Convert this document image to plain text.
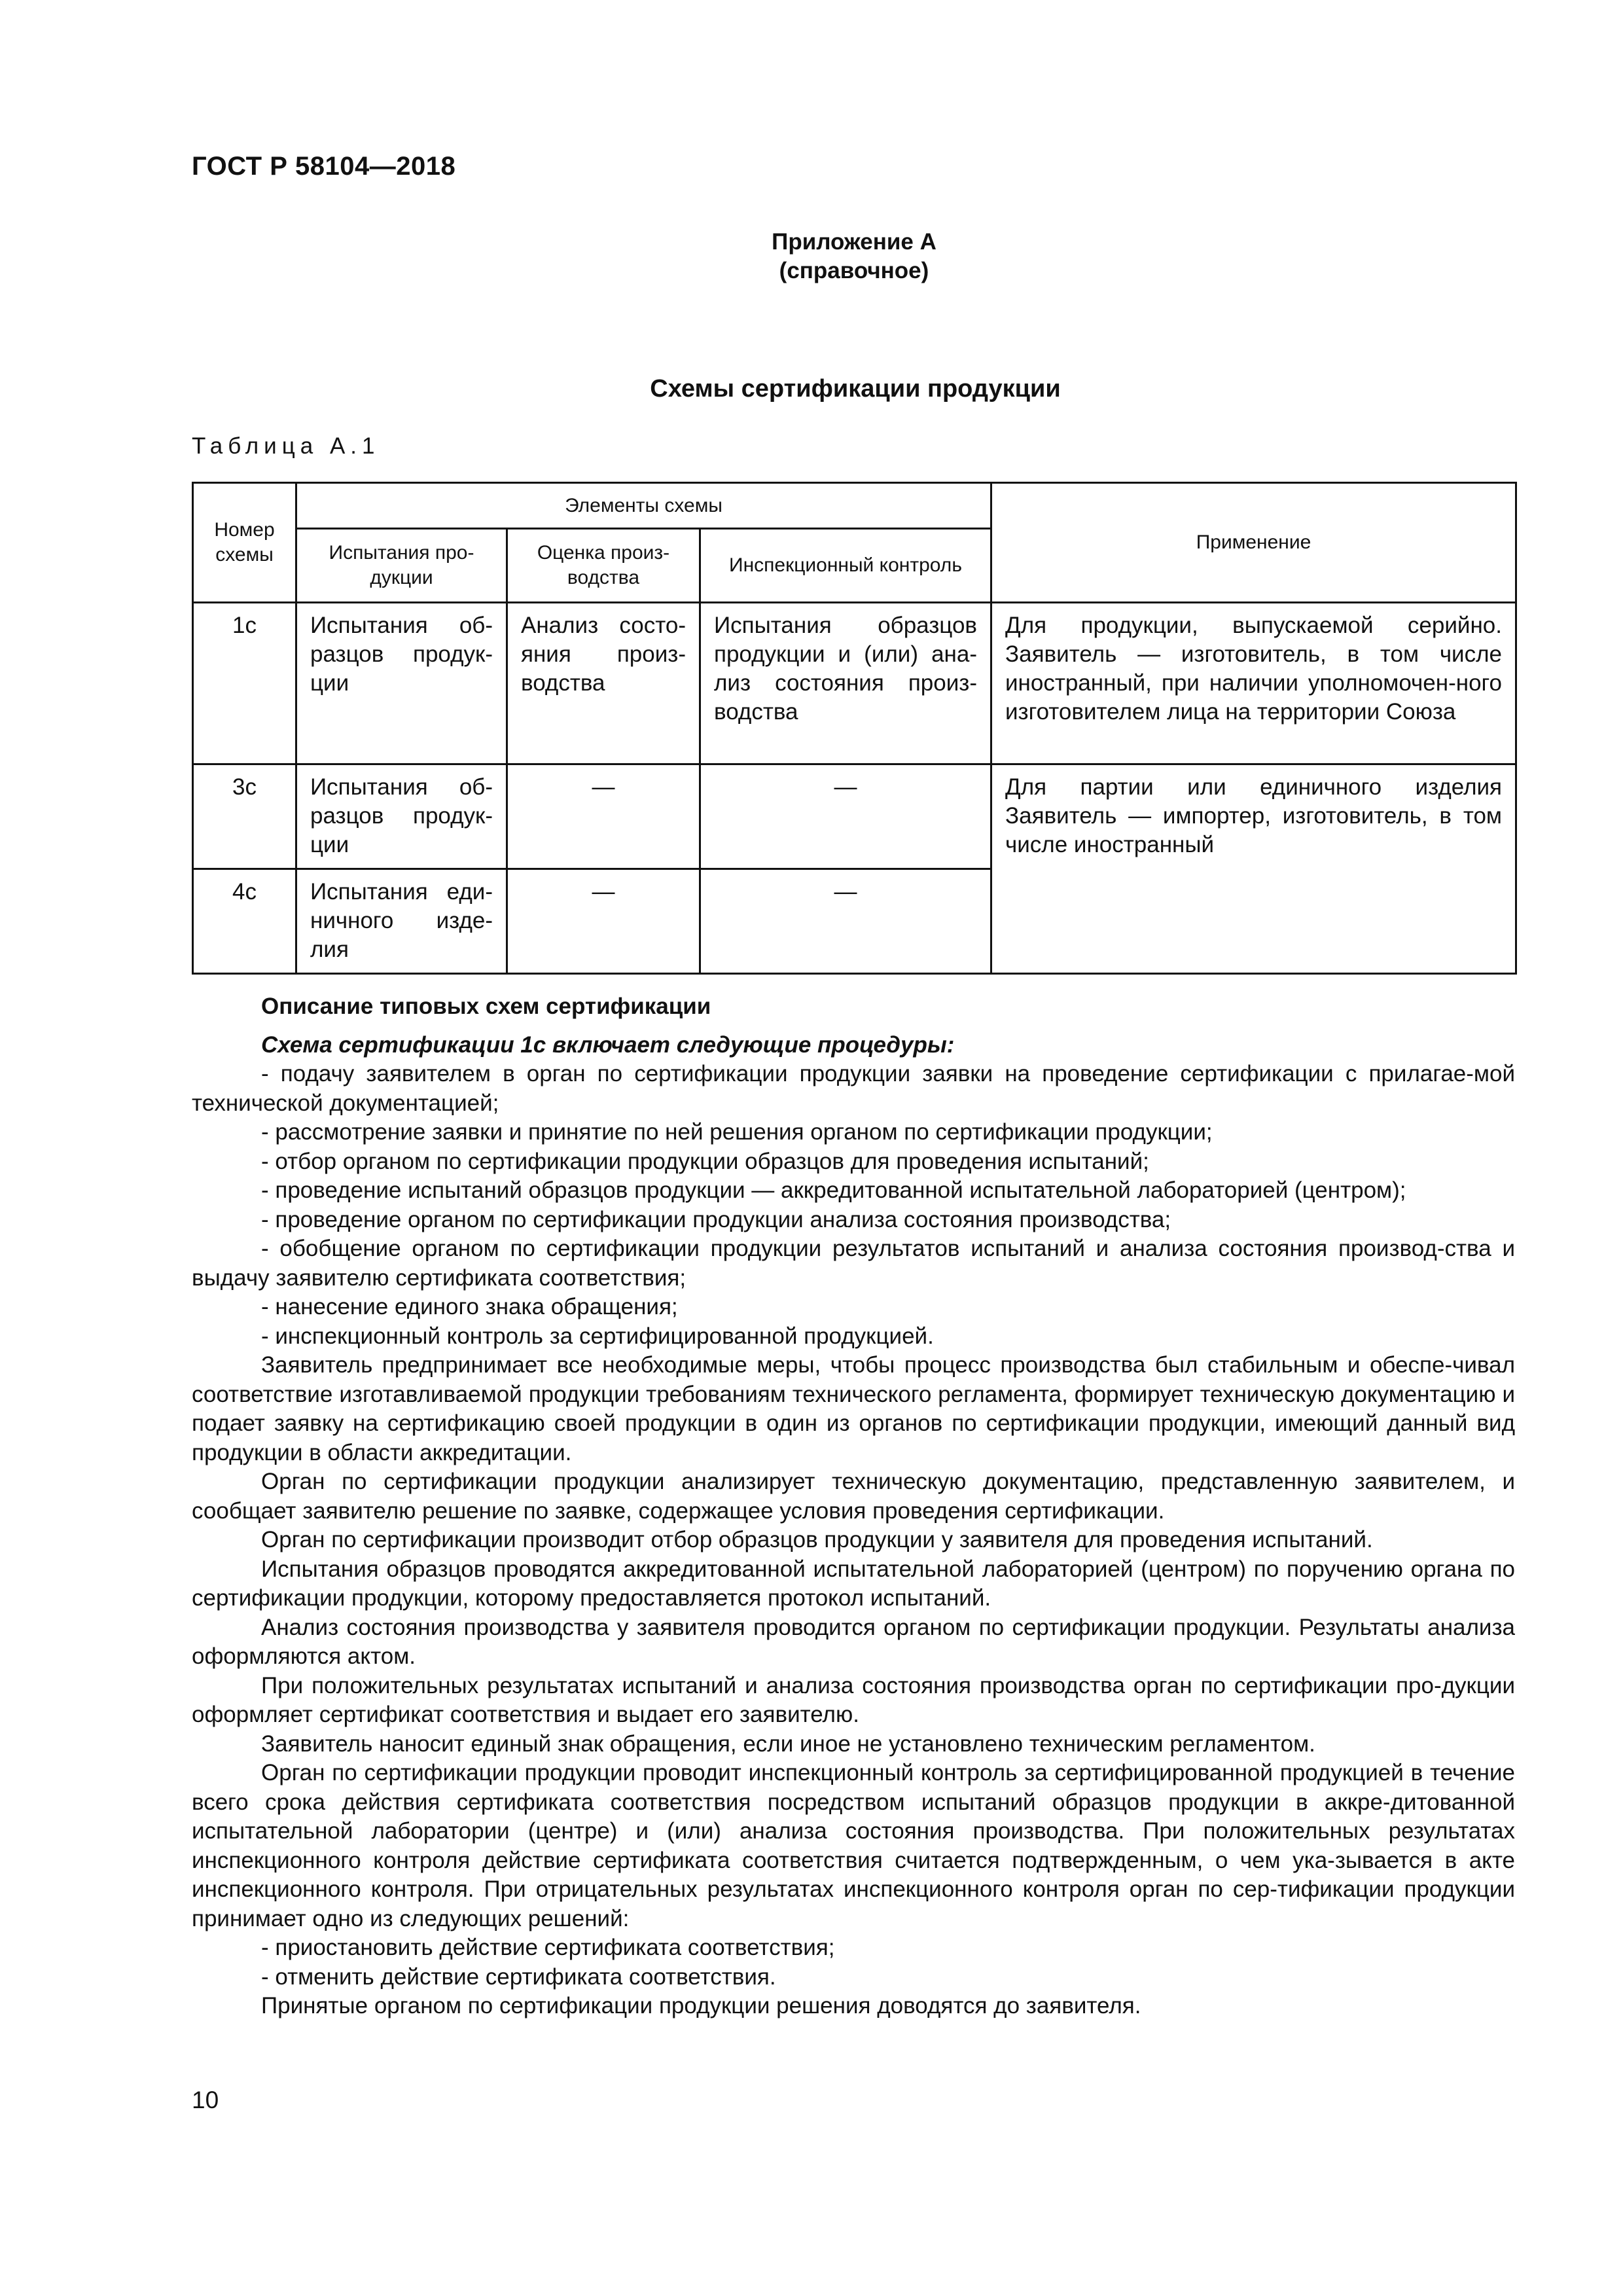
ГОСТ Р 58104—2018
Приложение А
(справочное)
Схемы сертификации продукции
Таблица А.1
Номер схемы	Элементы схемы			Применение
	Испытания про-дукции	Оценка произ-водства	Инспекционный контроль	
1с	Испытания об-разцов продук-ции	Анализ состо-яния произ-водства	Испытания образцов продукции и (или) ана-лиз состояния произ-водства	Для продукции, выпускаемой серийно. Заявитель — изготовитель, в том числе иностранный, при наличии уполномочен-ного изготовителем лица на территории Союза
3с	Испытания об-разцов продук-ции	—	—	Для партии или единичного изделия Заявитель — импортер, изготовитель, в том числе иностранный
4с	Испытания еди-ничного изде-лия	—	—	

Описание типовых схем сертификации

Схема сертификации 1с включает следующие процедуры:

- подачу заявителем в орган по сертификации продукции заявки на проведение сертификации с прилагае-мой технической документацией;

- рассмотрение заявки и принятие по ней решения органом по сертификации продукции;

- отбор органом по сертификации продукции образцов для проведения испытаний;

- проведение испытаний образцов продукции — аккредитованной испытательной лабораторией (центром);

- проведение органом по сертификации продукции анализа состояния производства;

- обобщение органом по сертификации продукции результатов испытаний и анализа состояния производ-ства и выдачу заявителю сертификата соответствия;

- нанесение единого знака обращения;

- инспекционный контроль за сертифицированной продукцией.

Заявитель предпринимает все необходимые меры, чтобы процесс производства был стабильным и обеспе-чивал соответствие изготавливаемой продукции требованиям технического регламента, формирует техническую документацию и подает заявку на сертификацию своей продукции в один из органов по сертификации продукции, имеющий данный вид продукции в области аккредитации.

Орган по сертификации продукции анализирует техническую документацию, представленную заявителем, и сообщает заявителю решение по заявке, содержащее условия проведения сертификации.

Орган по сертификации производит отбор образцов продукции у заявителя для проведения испытаний.

Испытания образцов проводятся аккредитованной испытательной лабораторией (центром) по поручению органа по сертификации продукции, которому предоставляется протокол испытаний.

Анализ состояния производства у заявителя проводится органом по сертификации продукции. Результаты анализа оформляются актом.

При положительных результатах испытаний и анализа состояния производства орган по сертификации про-дукции оформляет сертификат соответствия и выдает его заявителю.

Заявитель наносит единый знак обращения, если иное не установлено техническим регламентом.

Орган по сертификации продукции проводит инспекционный контроль за сертифицированной продукцией в течение всего срока действия сертификата соответствия посредством испытаний образцов продукции в аккре-дитованной испытательной лаборатории (центре) и (или) анализа состояния производства. При положительных результатах инспекционного контроля действие сертификата соответствия считается подтвержденным, о чем ука-зывается в акте инспекционного контроля. При отрицательных результатах инспекционного контроля орган по сер-тификации продукции принимает одно из следующих решений:

- приостановить действие сертификата соответствия;

- отменить действие сертификата соответствия.

Принятые органом по сертификации продукции решения доводятся до заявителя.

10
